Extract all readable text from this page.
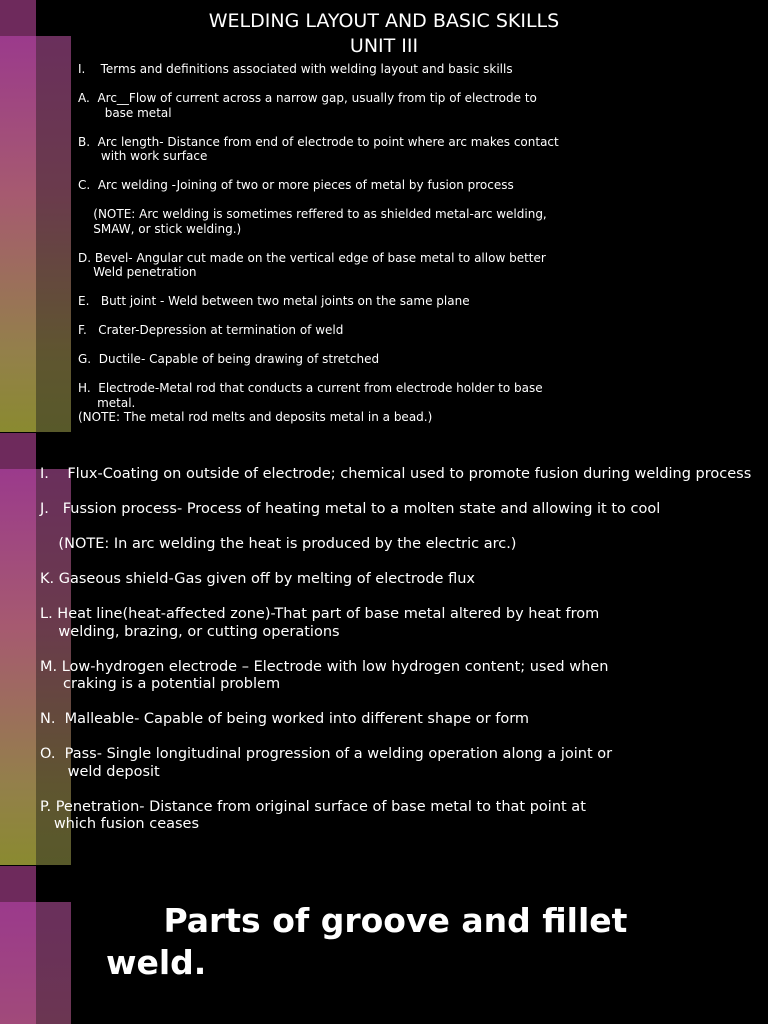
WELDING LAYOUT AND BASIC SKILLS
UNIT III
I.    Terms and definitions associated with welding layout and basic skills
A.  Arc__Flow of current across a narrow gap, usually from tip of electrode to
base metal
B.  Arc length- Distance from end of electrode to point where arc makes contact
with work surface
C.  Arc welding -Joining of two or more pieces of metal by fusion process
(NOTE: Arc welding is sometimes reffered to as shielded metal-arc welding,
SMAW, or stick welding.)
D. Bevel- Angular cut made on the vertical edge of base metal to allow better
Weld penetration
E.   Butt joint - Weld between two metal joints on the same plane
F.   Crater-Depression at termination of weld
G.  Ductile- Capable of being drawing of stretched
H.  Electrode-Metal rod that conducts a current from electrode holder to base
metal.
(NOTE: The metal rod melts and deposits metal in a bead.)
I.    Flux-Coating on outside of electrode; chemical used to promote fusion during welding process
J.   Fussion process- Process of heating metal to a molten state and allowing it to cool
(NOTE: In arc welding the heat is produced by the electric arc.)
K. Gaseous shield-Gas given off by melting of electrode flux
L. Heat line(heat-affected zone)-That part of base metal altered by heat from
welding, brazing, or cutting operations
M. Low-hydrogen electrode – Electrode with low hydrogen content; used when
craking is a potential problem
N.  Malleable- Capable of being worked into different shape or form
O.  Pass- Single longitudinal progression of a welding operation along a joint or
weld deposit
P. Penetration- Distance from original surface of base metal to that point at
which fusion ceases
Parts of groove and fillet
weld.
